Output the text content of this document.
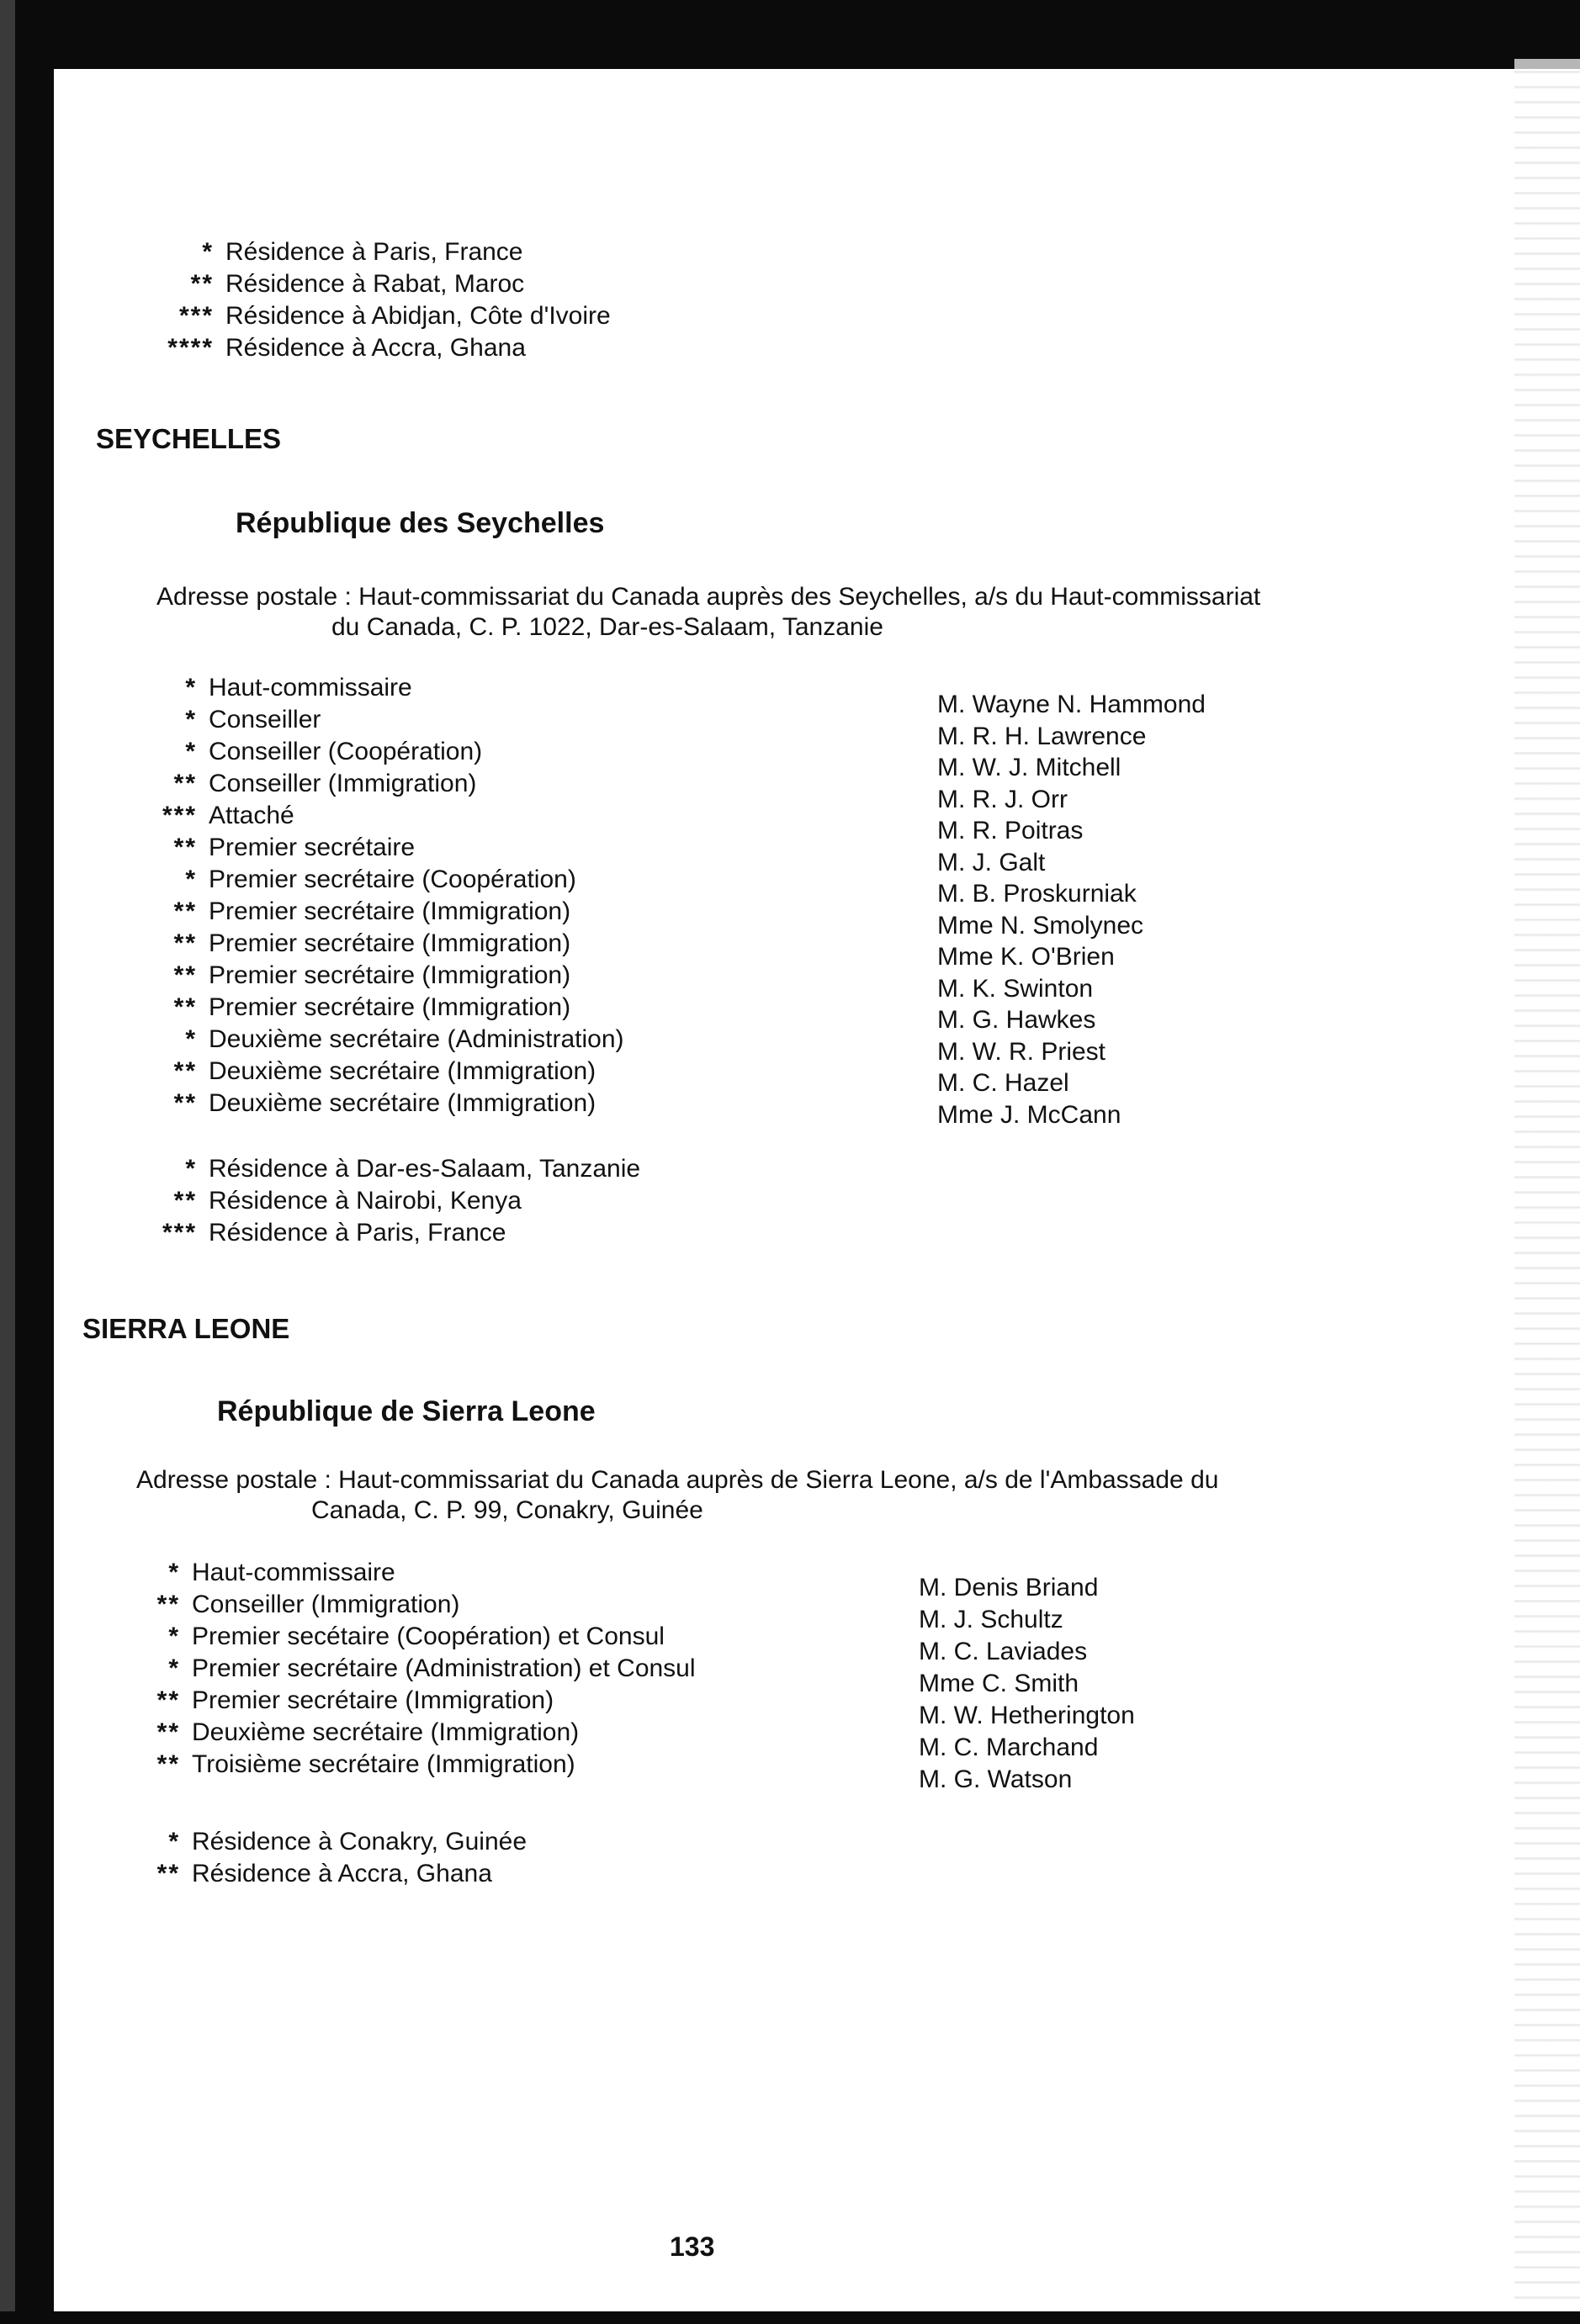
* Résidence à Paris, France
** Résidence à Rabat, Maroc
*** Résidence à Abidjan, Côte d'Ivoire
**** Résidence à Accra, Ghana
SEYCHELLES
République des Seychelles
Adresse postale : Haut-commissariat du Canada auprès des Seychelles, a/s du Haut-commissariat
du Canada, C. P. 1022, Dar-es-Salaam, Tanzanie
* Haut-commissaire
* Conseiller
* Conseiller (Coopération)
** Conseiller (Immigration)
*** Attaché
** Premier secrétaire
* Premier secrétaire (Coopération)
** Premier secrétaire (Immigration)
** Premier secrétaire (Immigration)
** Premier secrétaire (Immigration)
** Premier secrétaire (Immigration)
* Deuxième secrétaire (Administration)
** Deuxième secrétaire (Immigration)
** Deuxième secrétaire (Immigration)
M. Wayne N. Hammond
M. R. H. Lawrence
M. W. J. Mitchell
M. R. J. Orr
M. R. Poitras
M. J. Galt
M. B. Proskurniak
Mme N. Smolynec
Mme K. O'Brien
M. K. Swinton
M. G. Hawkes
M. W. R. Priest
M. C. Hazel
Mme J. McCann
* Résidence à Dar-es-Salaam, Tanzanie
** Résidence à Nairobi, Kenya
*** Résidence à Paris, France
SIERRA LEONE
République de Sierra Leone
Adresse postale : Haut-commissariat du Canada auprès de Sierra Leone, a/s de l'Ambassade du
Canada, C. P. 99, Conakry, Guinée
* Haut-commissaire
** Conseiller (Immigration)
* Premier secétaire (Coopération) et Consul
* Premier secrétaire (Administration) et Consul
** Premier secrétaire (Immigration)
** Deuxième secrétaire (Immigration)
** Troisième secrétaire (Immigration)
M. Denis Briand
M. J. Schultz
M. C. Laviades
Mme C. Smith
M. W. Hetherington
M. C. Marchand
M. G. Watson
* Résidence à Conakry, Guinée
** Résidence à Accra, Ghana
133
